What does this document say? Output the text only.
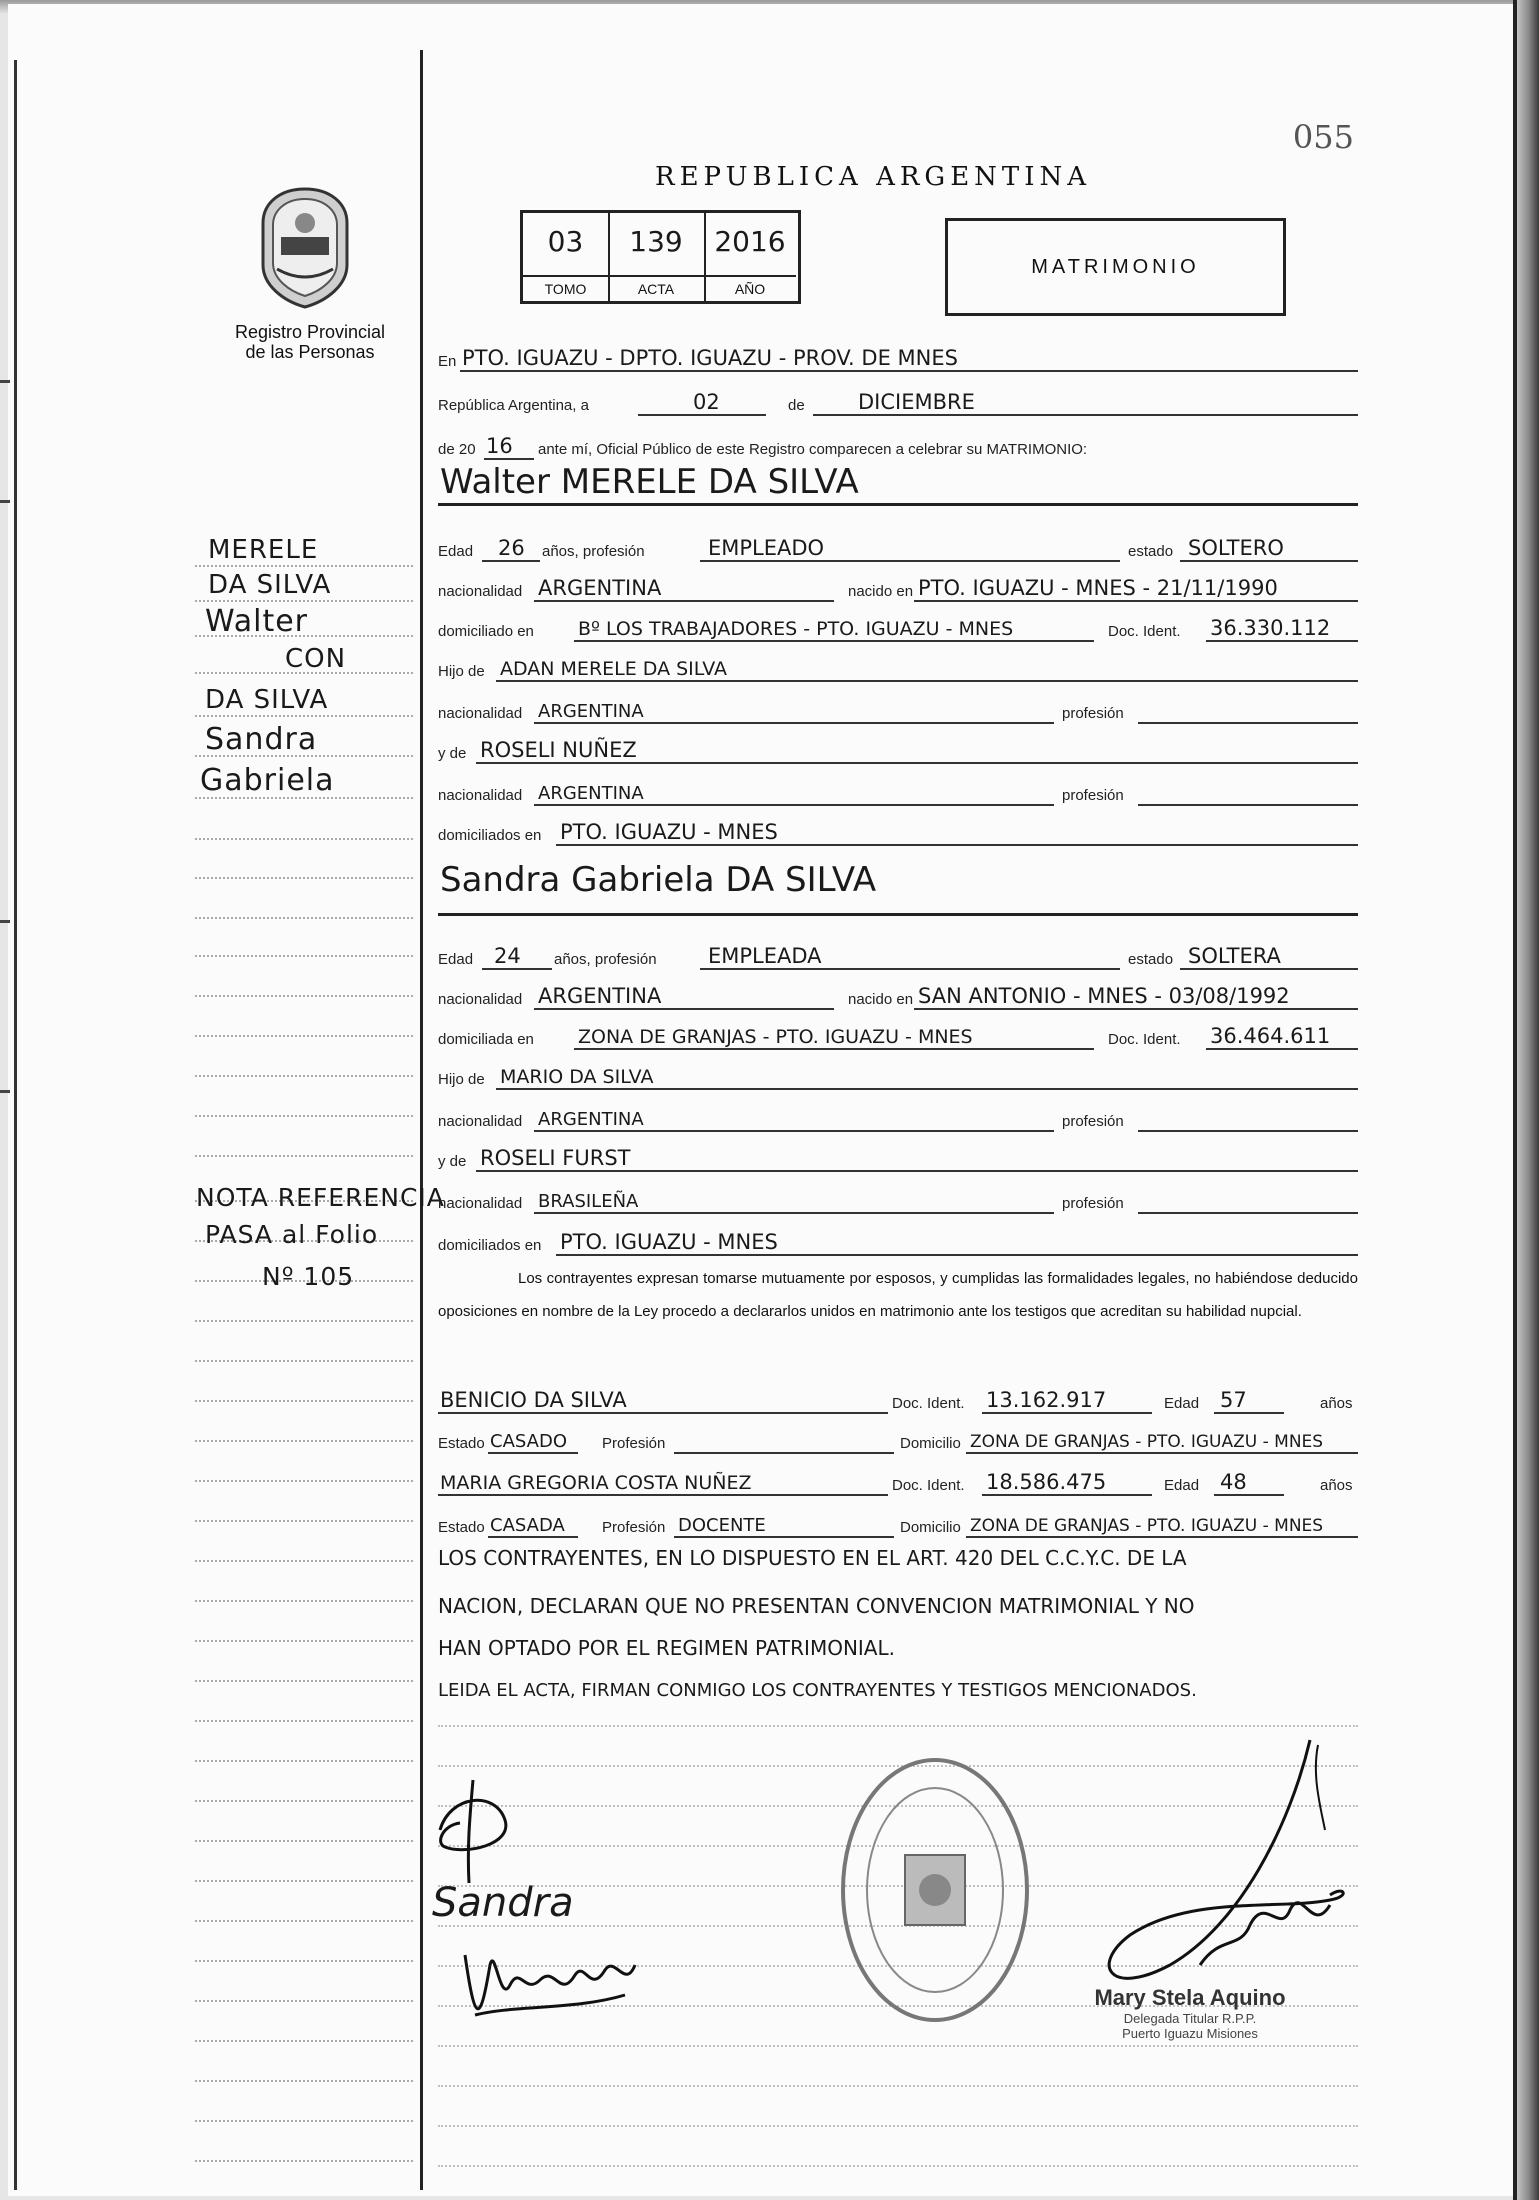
055
REPUBLICA ARGENTINA
03	139	2016
TOMO	ACTA	AÑO
MATRIMONIO
Registro Provincial
de las Personas
MERELE
DA SILVA
Walter
CON
DA SILVA
Sandra
Gabriela
NOTA REFERENCIA
PASA al Folio
Nº 105
En PTO. IGUAZU - DPTO. IGUAZU - PROV. DE MNES
República Argentina, a	02	de	DICIEMBRE
de 20 16 ante mí, Oficial Público de este Registro comparecen a celebrar su MATRIMONIO:
Walter MERELE DA SILVA
Edad 26 años, profesión	EMPLEADO	estado SOLTERO
nacionalidad ARGENTINA	nacido en PTO. IGUAZU - MNES - 21/11/1990
domiciliado en Bº LOS TRABAJADORES - PTO. IGUAZU - MNES	Doc. Ident. 36.330.112
Hijo de ADAN MERELE DA SILVA
nacionalidad ARGENTINA	profesión
y de ROSELI NUÑEZ
nacionalidad ARGENTINA	profesión
domiciliados en PTO. IGUAZU - MNES
Sandra Gabriela DA SILVA
Edad 24 años, profesión EMPLEADA	estado SOLTERA
nacionalidad ARGENTINA	nacido en SAN ANTONIO - MNES - 03/08/1992
domiciliada en ZONA DE GRANJAS - PTO. IGUAZU - MNES	Doc. Ident. 36.464.611
Hijo de MARIO DA SILVA
nacionalidad ARGENTINA	profesión
y de ROSELI FURST
nacionalidad BRASILEÑA	profesión
domiciliados en PTO. IGUAZU - MNES
Los contrayentes expresan tomarse mutuamente por esposos, y cumplidas las formalidades legales, no habiéndose deducido oposiciones en nombre de la Ley procedo a declararlos unidos en matrimonio ante los testigos que acreditan su habilidad nupcial.
BENICIO DA SILVA	Doc. Ident. 13.162.917	Edad 57	años
Estado CASADO Profesión	Domicilio ZONA DE GRANJAS - PTO. IGUAZU - MNES
MARIA GREGORIA COSTA NUÑEZ	Doc. Ident. 18.586.475	Edad 48	años
Estado CASADA Profesión DOCENTE	Domicilio ZONA DE GRANJAS - PTO. IGUAZU - MNES
LOS CONTRAYENTES, EN LO DISPUESTO EN EL ART. 420 DEL C.C.Y.C. DE LA
NACION, DECLARAN QUE NO PRESENTAN CONVENCION MATRIMONIAL Y NO
HAN OPTADO POR EL REGIMEN PATRIMONIAL.
LEIDA EL ACTA, FIRMAN CONMIGO LOS CONTRAYENTES Y TESTIGOS MENCIONADOS.
Sandra
Mary Stela Aquino
Delegada Titular R.P.P.
Puerto Iguazu Misiones
